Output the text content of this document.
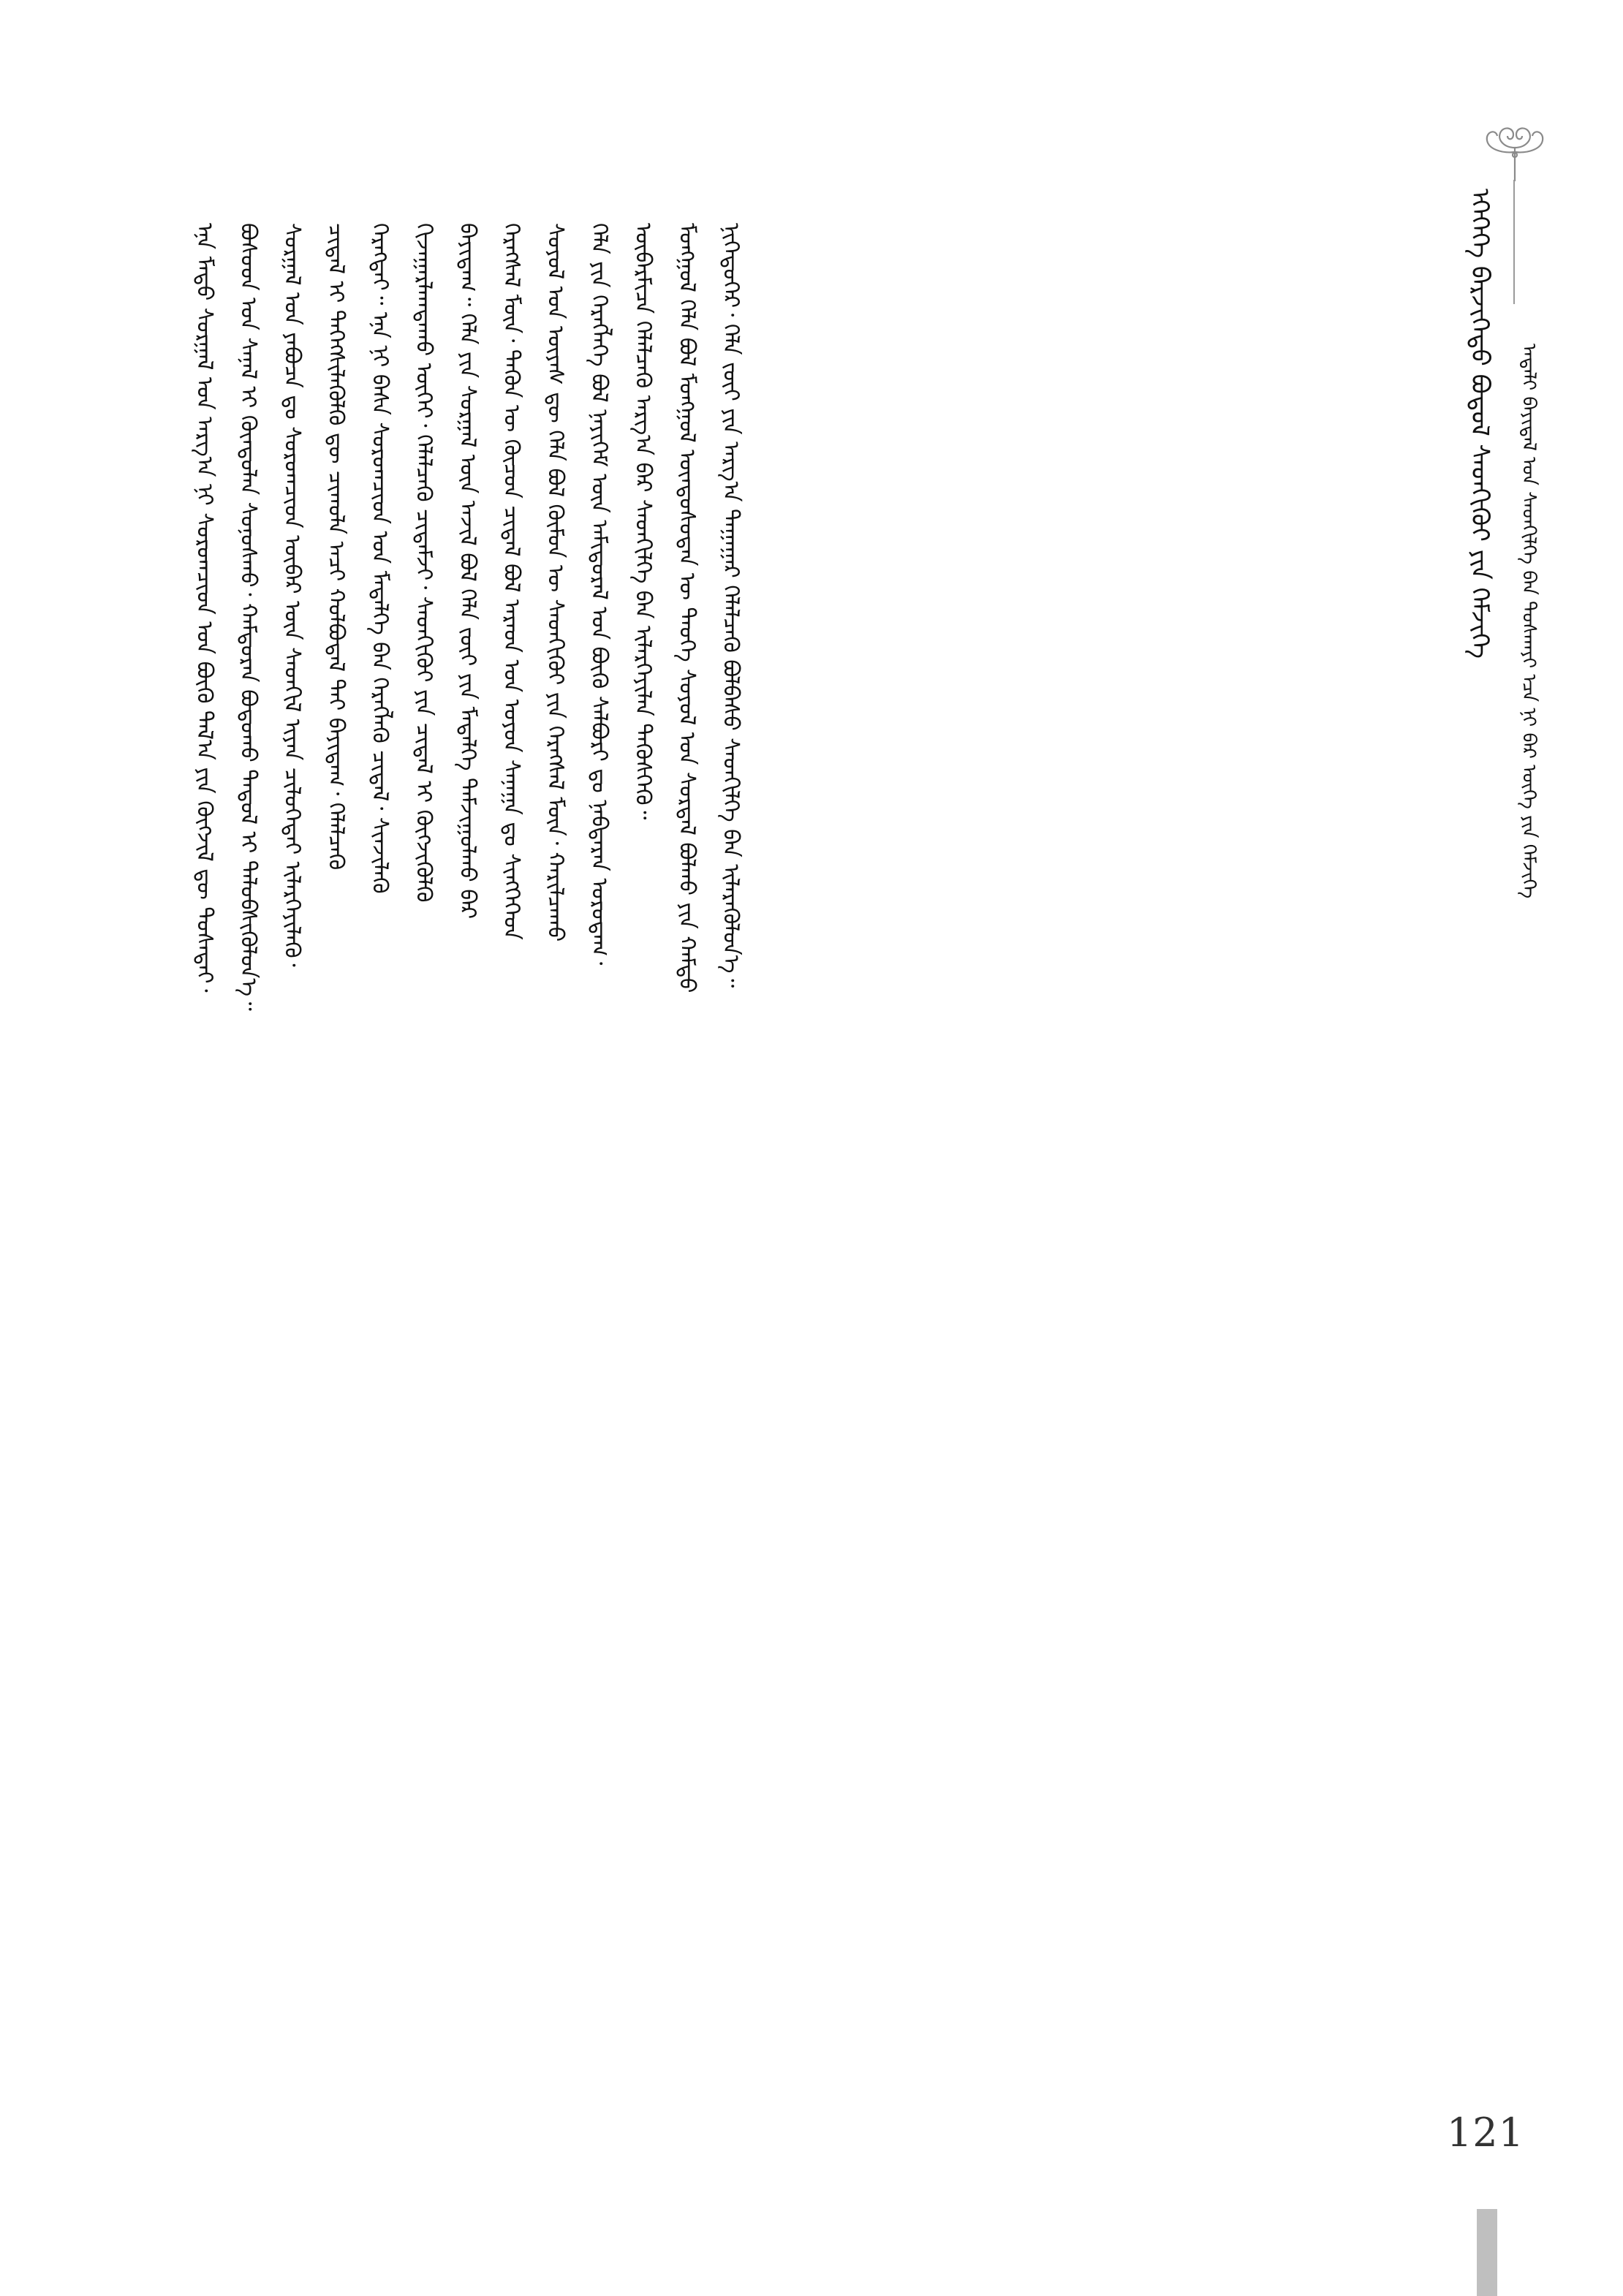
ᠡᠭᠡᠭᠡᠬᠡ ᠪᠡᠷᠵᠢᠭᠡᠳᠦ ᠪᠣᠳᠣᠯ ᠰᠡᠳᠬᠢᠬᠦᠢ ᠶᠢᠨ ᠬᠡᠮᠵᠢᠭᠡ ᠠᠳᠠᠯᠢ ᠪᠠᠶᠢᠳᠠᠯ ᠤᠨ ᠰᠡᠳᠬᠢᠯᠭᠡ ᠪᠠᠨ ᠲᠤᠰᠬᠠᠶᠢ ᠡᠴᠡ ᠨᠢ ᠪᠠᠷ ᠦᠭᠡ ᠶᠢᠨ ᠬᠡᠮᠵᠢᠭᠡ
ᠨᠢᠭᠡᠳᠦᠭᠡᠷ᠂ ᠬᠡᠯᠡ ᠵᠦᠢ ᠶᠢᠨ ᠠᠷᠭ᠎ᠠ ᠳᠠᠭᠠᠭᠠᠷ ᠬᠡᠯᠡᠯᠴᠡᠬᠦ ᠪᠣᠯᠪᠠᠰᠤ ᠰᠡᠳᠬᠢᠯᠭᠡ ᠪᠡᠨ ᠢᠯᠡᠷᠡᠭᠦᠯᠦᠨ᠎ᠡ᠃
ᠮᠣᠩᠭᠣᠯ ᠬᠡᠯᠡ ᠪᠣᠯ ᠮᠣᠩᠭᠣᠯ ᠦᠨᠳᠦᠰᠦᠲᠡᠨ ᠦ ᠲᠡᠦᠬᠡ ᠰᠣᠶᠣᠯ ᠤᠨ ᠰᠤᠷᠲᠠᠯ ᠪᠣᠯᠬᠣ ᠶᠢᠨ ᠬᠠᠮᠲᠤ
ᠥᠪᠡᠷᠮᠢᠴᠡ ᠬᠡᠯᠡᠯᠴᠡᠬᠦ ᠠᠷᠭ᠎ᠠ ᠪᠠᠷ ᠰᠡᠳᠬᠢᠯᠭᠡ ᠪᠡᠨ ᠢᠯᠡᠷᠬᠡᠶᠢᠯᠡᠨ ᠲᠡᠭᠦᠰᠬᠡᠬᠦ᠃
ᠬᠡᠯᠡ ᠶᠢᠨ ᠬᠡᠷᠡᠭᠯᠡᠭᠡ ᠪᠣᠯ ᠨᠡᠶᠢᠭᠡᠮ ᠦᠨ ᠠᠮᠢᠳᠤᠷᠠᠯ ᠤᠨ ᠪᠦᠬᠦ ᠰᠠᠯᠪᠤᠷᠢ ᠳᠤ ᠨᠡᠪᠲᠡᠷᠡᠨ ᠣᠷᠣᠳᠠᠭ᠂
ᠰᠣᠶᠣᠯ ᠤᠨ ᠦᠶᠡᠰ ᠳᠦ ᠬᠡᠯᠡ ᠪᠣᠯ ᠬᠦᠮᠦᠨ ᠦ ᠰᠡᠳᠬᠢᠬᠦᠢ ᠶᠢᠨ ᠬᠡᠷᠡᠭᠰᠡᠯ ᠮᠥᠨ᠂ ᠬᠠᠷᠢᠯᠴᠠᠬᠤ
ᠬᠡᠷᠡᠭᠰᠡᠯ ᠮᠥᠨ᠂ ᠲᠡᠭᠦᠨ ᠦ ᠬᠦᠴᠦᠨ ᠴᠢᠳᠠᠯ ᠪᠣᠯ ᠠᠷᠠᠳ ᠤᠨ ᠣᠶᠤᠨ ᠰᠠᠨᠠᠭᠠ ᠳᠤ ᠰᠢᠩᠭᠡᠭᠡᠳ
ᠪᠠᠶᠢᠳᠠᠭ᠃ ᠬᠡᠯᠡ ᠶᠢᠨ ᠰᠤᠷᠭᠠᠯ ᠦᠨ ᠠᠵᠢᠯ ᠪᠣᠯ ᠬᠡᠯᠡ ᠵᠦᠢ ᠶᠢᠨ ᠮᠡᠳᠡᠯᠭᠡ ᠳᠠᠮᠵᠢᠭᠤᠯᠬᠤ ᠪᠠᠷ
ᠬᠢᠵᠠᠭᠠᠷᠯᠠᠭᠳᠠᠬᠤ ᠦᠭᠡᠢ᠂ ᠬᠡᠯᠡᠯᠴᠡᠬᠦ ᠴᠢᠳᠠᠮᠵᠢ᠂ ᠰᠡᠳᠬᠢᠬᠦᠢ ᠶᠢᠨ ᠴᠢᠳᠠᠯ ᠢ ᠬᠥᠭᠵᠢᠭᠦᠯᠬᠦ
ᠬᠡᠷᠡᠭᠲᠡᠢ᠃ ᠡᠨᠡ ᠨᠢ ᠪᠠᠰᠠ ᠰᠤᠷᠤᠭᠴᠢᠳ ᠤᠨ ᠮᠡᠳᠡᠯᠭᠡ ᠪᠡᠨ ᠬᠡᠷᠡᠭᠯᠡᠬᠦ ᠴᠢᠳᠠᠯ᠂ ᠰᠢᠨᠵᠢᠯᠡᠬᠦ
ᠴᠢᠳᠠᠯ ᠢ ᠳᠡᠭᠡᠭᠰᠢᠯᠡᠭᠦᠯᠬᠦ ᠳᠦ ᠴᠢᠬᠤᠯᠠ ᠠᠴᠢ ᠬᠣᠯᠪᠣᠳᠠᠯ ᠲᠠᠶ ᠪᠠᠶᠢᠳᠠᠭ᠂ ᠬᠡᠯᠡᠯᠴᠡᠬᠦ
ᠰᠤᠷᠭᠠᠯ ᠤᠨ ᠶᠠᠪᠤᠴᠠ ᠳᠤ ᠰᠤᠷᠤᠭᠴᠢᠳ ᠥᠪᠡᠷ ᠦᠨ ᠰᠡᠳᠬᠢᠯ ᠢᠶᠡᠨ ᠴᠢᠯᠦᠭᠡᠲᠡᠢ ᠢᠯᠡᠷᠬᠡᠶᠢᠯᠡᠬᠦ᠂
ᠪᠤᠰᠤᠳ ᠤᠨ ᠰᠠᠨᠠᠯ ᠢ ᠬᠦᠨᠳᠦᠯᠡᠨ ᠰᠣᠨᠣᠰᠬᠤ᠂ ᠬᠠᠮᠲᠤᠷᠠᠨ ᠪᠣᠳᠣᠬᠤ ᠳᠠᠳᠤᠯ ᠢ ᠲᠡᠯᠦᠪᠰᠢᠭᠦᠯᠦᠨ᠎ᠡ᠃
ᠡᠨᠡ ᠮᠡᠲᠦ ᠰᠤᠷᠭᠠᠯ ᠤᠨ ᠠᠷᠭ᠎ᠠ ᠨᠢ ᠰᠤᠷᠤᠭᠴᠢᠳ ᠤᠨ ᠪᠦᠬᠦ ᠲᠠᠯ᠎ᠠ ᠶᠢᠨ ᠬᠥᠭᠵᠢᠯ ᠳᠦ ᠲᠤᠰᠠᠲᠠᠶ᠂
121
